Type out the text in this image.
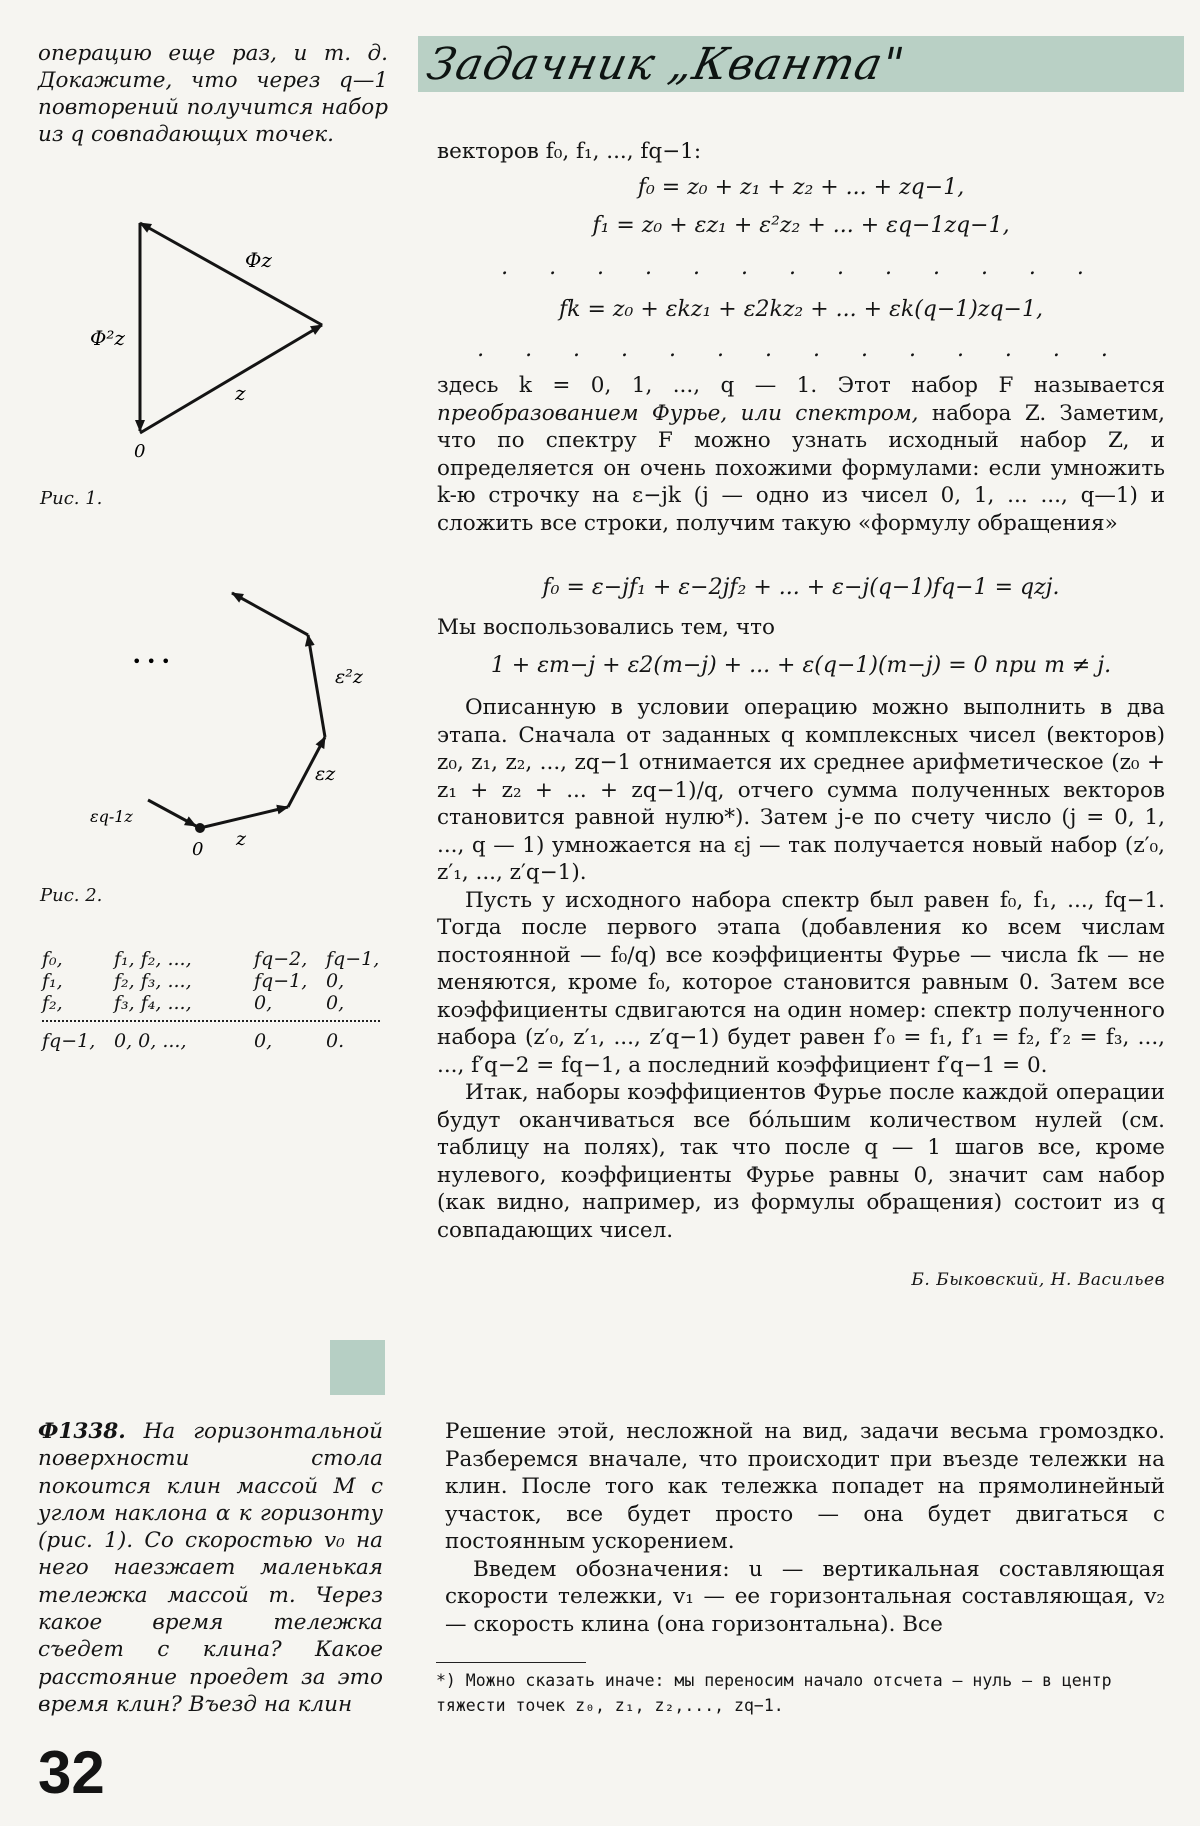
Задачник „Кванта"

операцию еще раз, и т. д. Докажите, что через q—1 повторений получится набор из q совпадающих точек.

Φz
Φ²z
z
0
Рис. 1.
• • •
ε²z
εz
z
0
εq-1z
Рис. 2.
f₀,	f₁, f₂, ...,	fq−2, fq−1,
f₁,	f₂, f₃, ...,	fq−1, 0,
f₂,	f₃, f₄, ...,	0,	0,
fq−1, 0, 0, ...,	0,	0.
векторов f₀, f₁, ..., fq−1:
f₀ = z₀ + z₁ + z₂ + ... + zq−1,
f₁ = z₀ + εz₁ + ε²z₂ + ... + εq−1zq−1,
. . . . . . . . . . . . .
fk = z₀ + εkz₁ + ε2kz₂ + ... + εk(q−1)zq−1,
. . . . . . . . . . . . . .

здесь k = 0, 1, ..., q — 1. Этот набор F называется преобразованием Фурье, или спектром, набора Z. Заметим, что по спектру F можно узнать исходный набор Z, и определяется он очень похожими формулами: если умножить k-ю строчку на ε−jk (j — одно из чисел 0, 1, ... ..., q—1) и сложить все строки, получим такую «формулу обращения»

f₀ = ε−jf₁ + ε−2jf₂ + ... + ε−j(q−1)fq−1 = qzj.
Мы воспользовались тем, что
1 + εm−j + ε2(m−j) + ... + ε(q−1)(m−j) = 0 при m ≠ j.

Описанную в условии операцию можно выполнить в два этапа. Сначала от заданных q комплексных чисел (векторов) z₀, z₁, z₂, ..., zq−1 отнимается их среднее арифметическое (z₀ + z₁ + z₂ + ... + zq−1)/q, отчего сумма полученных векторов становится равной нулю*). Затем j-е по счету число (j = 0, 1, ..., q — 1) умножается на εj — так получается новый набор (z′₀, z′₁, ..., z′q−1).

Пусть у исходного набора спектр был равен f₀, f₁, ..., fq−1. Тогда после первого этапа (добавления ко всем числам постоянной — f₀/q) все коэффициенты Фурье — числа fk — не меняются, кроме f₀, которое становится равным 0. Затем все коэффициенты сдвигаются на один номер: спектр полученного набора (z′₀, z′₁, ..., z′q−1) будет равен f′₀ = f₁, f′₁ = f₂, f′₂ = f₃, ..., ..., f′q−2 = fq−1, а последний коэффициент f′q−1 = 0.

Итак, наборы коэффициентов Фурье после каждой операции будут оканчиваться все бóльшим количеством нулей (см. таблицу на полях), так что после q — 1 шагов все, кроме нулевого, коэффициенты Фурье равны 0, значит сам набор (как видно, например, из формулы обращения) состоит из q совпадающих чисел.

Б. Быковский, Н. Васильев

Ф1338. На горизонтальной поверхности стола покоится клин массой M с углом наклона α к горизонту (рис. 1). Со скоростью v₀ на него наезжает маленькая тележка массой m. Через какое время тележка съедет с клина? Какое расстояние проедет за это время клин? Въезд на клин

Решение этой, несложной на вид, задачи весьма громоздко. Разберемся вначале, что происходит при въезде тележки на клин. После того как тележка попадет на прямолинейный участок, все будет просто — она будет двигаться с постоянным ускорением.

Введем обозначения: u — вертикальная составляющая скорости тележки, v₁ — ее горизонтальная составляющая, v₂ — скорость клина (она горизонтальна). Все

*) Можно сказать иначе: мы переносим начало отсчета — нуль — в центр тяжести точек z₀, z₁, z₂,..., zq−1.
32
